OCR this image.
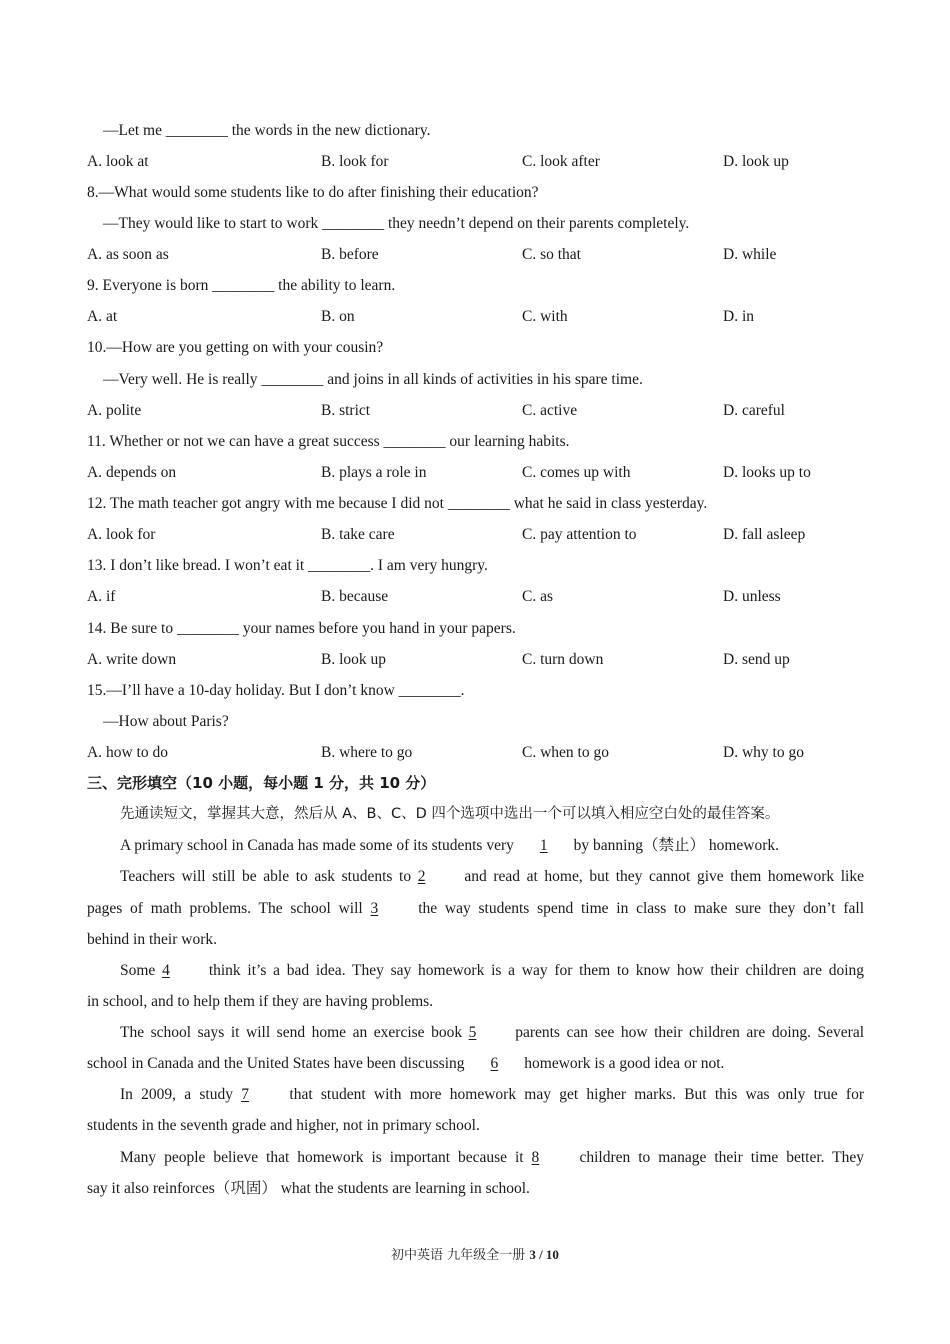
—Let me ________ the words in the new dictionary.
A. look at	B. look for	C. look after	D. look up
8.—What would some students like to do after finishing their education?
—They would like to start to work ________ they needn’t depend on their parents completely.
A. as soon as	B. before	C. so that	D. while
9. Everyone is born ________ the ability to learn.
A. at	B. on	C. with	D. in
10.—How are you getting on with your cousin?
—Very well. He is really ________ and joins in all kinds of activities in his spare time.
A. polite	B. strict	C. active	D. careful
11. Whether or not we can have a great success ________ our learning habits.
A. depends on	B. plays a role in	C. comes up with	D. looks up to
12. The math teacher got angry with me because I did not ________ what he said in class yesterday.
A. look for	B. take care	C. pay attention to	D. fall asleep
13. I don’t like bread. I won’t eat it ________. I am very hungry.
A. if	B. because	C. as	D. unless
14. Be sure to ________ your names before you hand in your papers.
A. write down	B. look up	C. turn down	D. send up
15.—I’ll have a 10-day holiday. But I don’t know ________.
—How about Paris?
A. how to do	B. where to go	C. when to go	D. why to go
三、完形填空（10 小题，每小题 1 分，共 10 分）
先通读短文，掌握其大意，然后从 A、B、C、D 四个选项中选出一个可以填入相应空白处的最佳答案。
A primary school in Canada has made some of its students very 1 by banning（禁止） homework.
Teachers will still be able to ask students to 2	and read at home, but they cannot give them homework like
pages of math problems. The school will 3	the way students spend time in class to make sure they don’t fall
behind in their work.
Some 4	think it’s a bad idea. They say homework is a way for them to know how their children are doing
in school, and to help them if they are having problems.
The school says it will send home an exercise book 5	parents can see how their children are doing. Several
school in Canada and the United States have been discussing 6 homework is a good idea or not.
In 2009, a study 7	that student with more homework may get higher marks. But this was only true for
students in the seventh grade and higher, not in primary school.
Many people believe that homework is important because it 8	children to manage their time better. They
say it also reinforces（巩固） what the students are learning in school.
初中英语 九年级全一册 3 / 10
